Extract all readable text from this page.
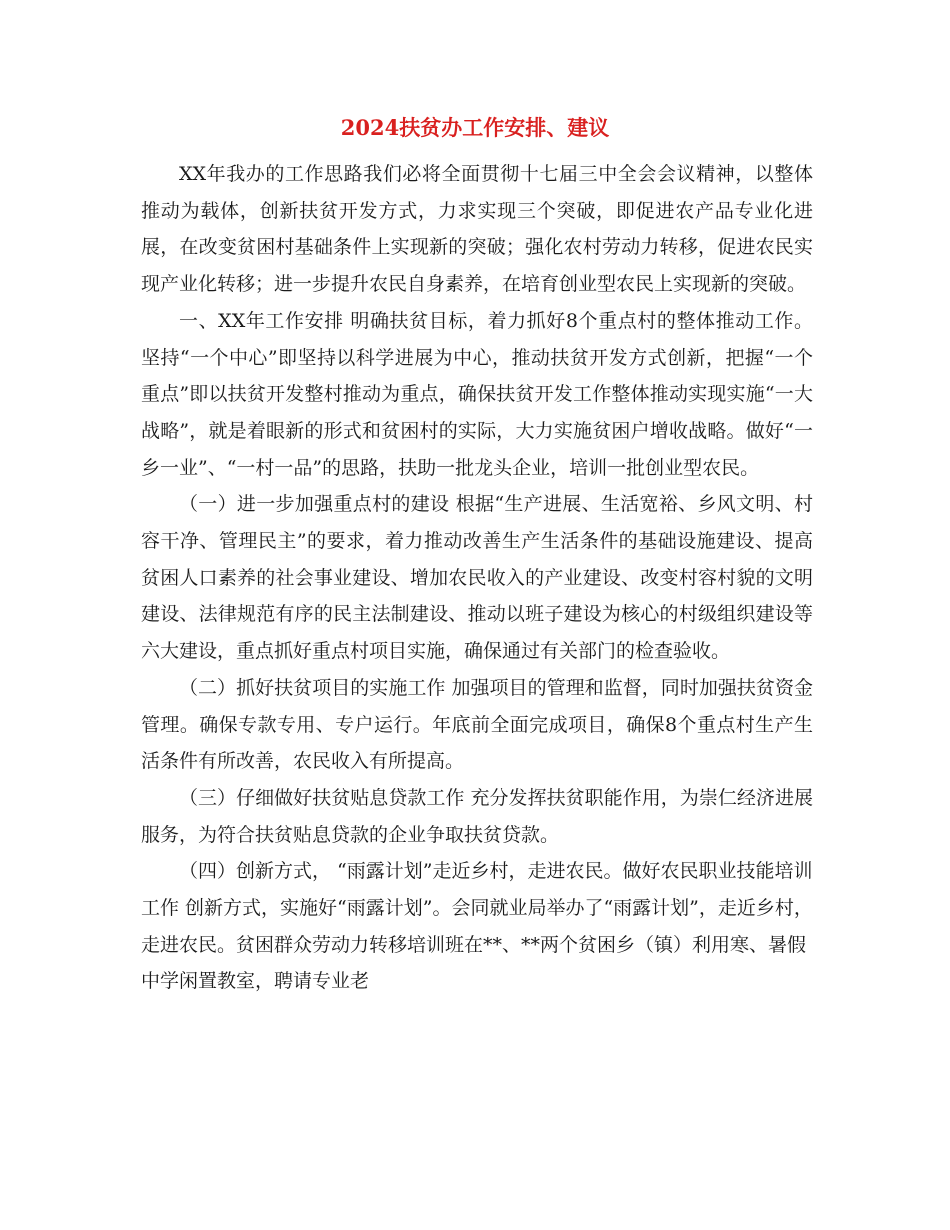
2024扶贫办工作安排、建议

XX年我办的工作思路我们必将全面贯彻十七届三中全会会议精神，以整体推动为载体，创新扶贫开发方式，力求实现三个突破，即促进农产品专业化进展，在改变贫困村基础条件上实现新的突破；强化农村劳动力转移，促进农民实现产业化转移；进一步提升农民自身素养，在培育创业型农民上实现新的突破。

一、XX年工作安排 明确扶贫目标，着力抓好8个重点村的整体推动工作。坚持“一个中心”即坚持以科学进展为中心，推动扶贫开发方式创新，把握“一个重点”即以扶贫开发整村推动为重点，确保扶贫开发工作整体推动实现实施“一大战略”，就是着眼新的形式和贫困村的实际，大力实施贫困户增收战略。做好“一乡一业”、“一村一品”的思路，扶助一批龙头企业，培训一批创业型农民。

（一）进一步加强重点村的建设 根据“生产进展、生活宽裕、乡风文明、村容干净、管理民主”的要求，着力推动改善生产生活条件的基础设施建设、提高贫困人口素养的社会事业建设、增加农民收入的产业建设、改变村容村貌的文明建设、法律规范有序的民主法制建设、推动以班子建设为核心的村级组织建设等六大建设，重点抓好重点村项目实施，确保通过有关部门的检查验收。

（二）抓好扶贫项目的实施工作 加强项目的管理和监督，同时加强扶贫资金管理。确保专款专用、专户运行。年底前全面完成项目，确保8个重点村生产生活条件有所改善，农民收入有所提高。

（三）仔细做好扶贫贴息贷款工作 充分发挥扶贫职能作用，为崇仁经济进展服务，为符合扶贫贴息贷款的企业争取扶贫贷款。

（四）创新方式， “雨露计划”走近乡村，走进农民。做好农民职业技能培训工作 创新方式，实施好“雨露计划”。会同就业局举办了“雨露计划”，走近乡村，走进农民。贫困群众劳动力转移培训班在**、**两个贫困乡（镇）利用寒、暑假中学闲置教室，聘请专业老
